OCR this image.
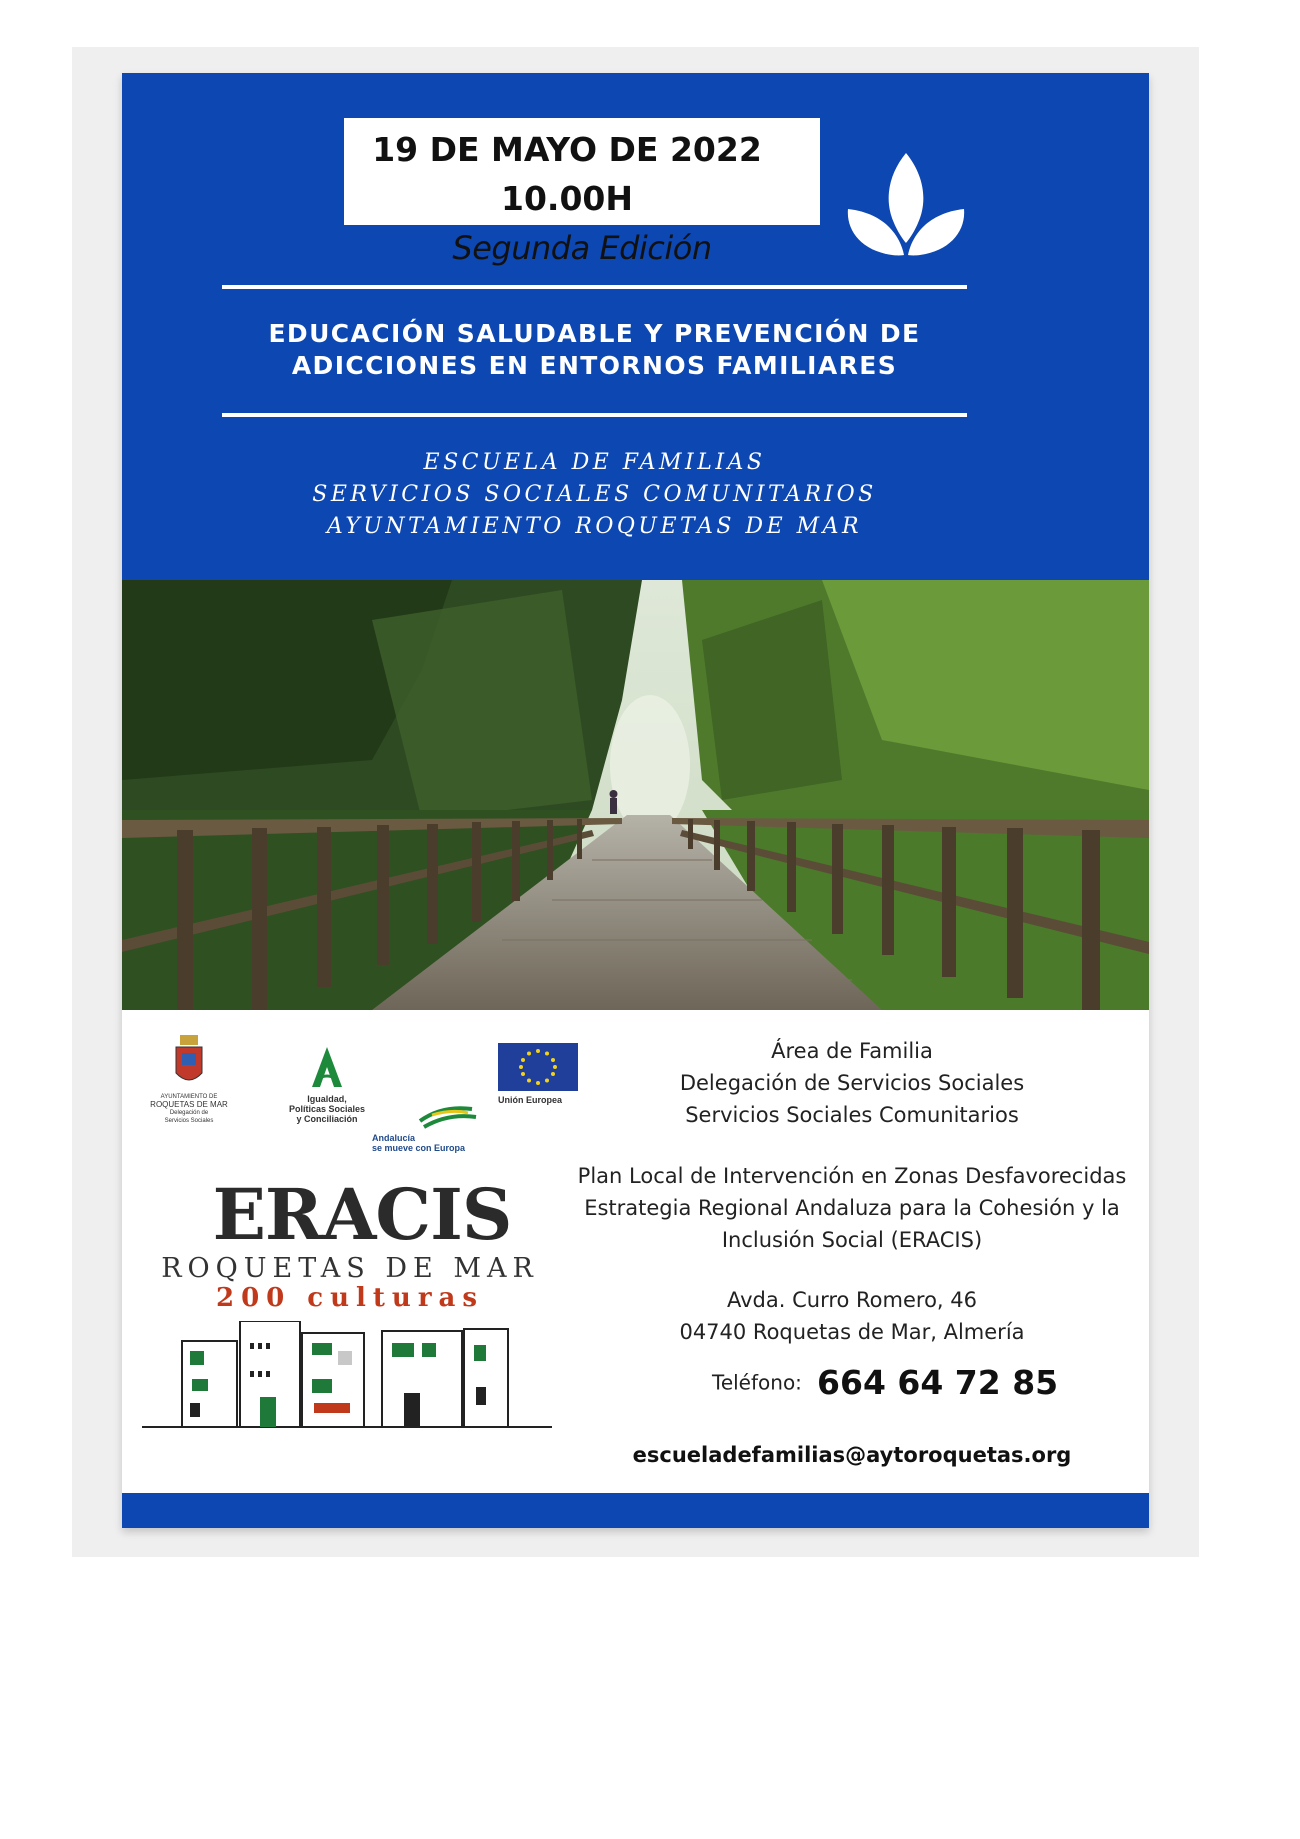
19 DE MAYO DE 2022
10.00H
Segunda Edición
EDUCACIÓN SALUDABLE Y PREVENCIÓN DE
ADICCIONES EN ENTORNOS FAMILIARES
ESCUELA DE FAMILIAS
SERVICIOS SOCIALES COMUNITARIOS
AYUNTAMIENTO ROQUETAS DE MAR
AYUNTAMIENTO DE
ROQUETAS DE MAR
Delegación de
Servicios Sociales
Igualdad,
Políticas Sociales
y Conciliación
Andalucía
se mueve con Europa
Unión Europea
Área de Familia
Delegación de Servicios Sociales
Servicios Sociales Comunitarios
Plan Local de Intervención en Zonas Desfavorecidas
Estrategia Regional Andaluza para la Cohesión y la
Inclusión Social (ERACIS)
Avda. Curro Romero, 46
04740 Roquetas de Mar, Almería
Teléfono: 664 64 72 85
escueladefamilias@aytoroquetas.org
ERACIS
ROQUETAS DE MAR
200 culturas
